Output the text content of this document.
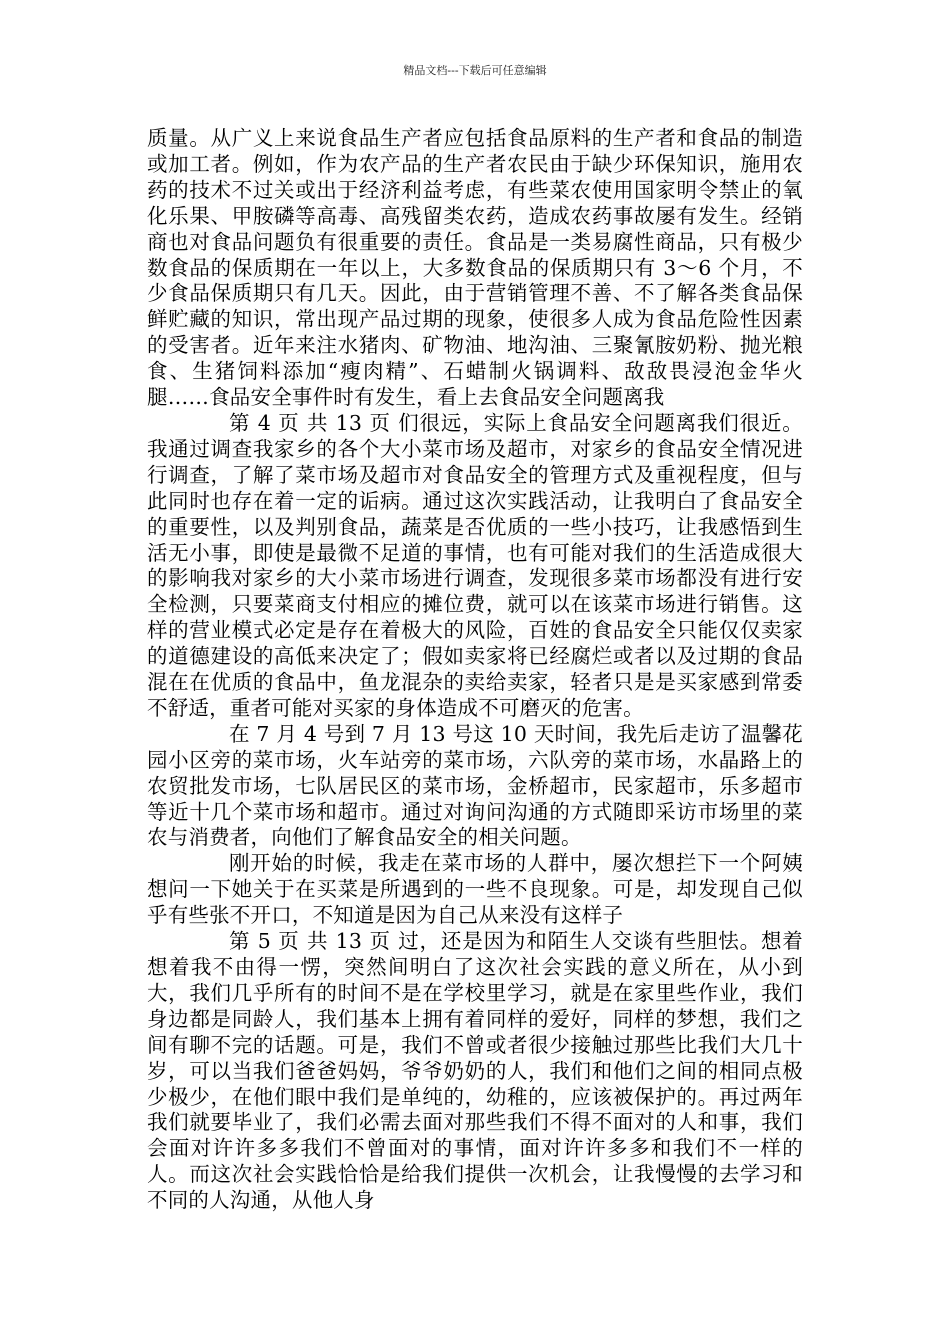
精品文档---下载后可任意编辑

质量。从广义上来说食品生产者应包括食品原料的生产者和食品的制造或加工者。例如，作为农产品的生产者农民由于缺少环保知识，施用农药的技术不过关或出于经济利益考虑，有些菜农使用国家明令禁止的氧化乐果、甲胺磷等高毒、高残留类农药，造成农药事故屡有发生。经销商也对食品问题负有很重要的责任。食品是一类易腐性商品，只有极少数食品的保质期在一年以上，大多数食品的保质期只有 3～6 个月，不少食品保质期只有几天。因此，由于营销管理不善、不了解各类食品保鲜贮藏的知识，常出现产品过期的现象，使很多人成为食品危险性因素的受害者。近年来注水猪肉、矿物油、地沟油、三聚氰胺奶粉、抛光粮食、生猪饲料添加“瘦肉精”、石蜡制火锅调料、敌敌畏浸泡金华火腿……食品安全事件时有发生，看上去食品安全问题离我

第 4 页 共 13 页 们很远，实际上食品安全问题离我们很近。我通过调查我家乡的各个大小菜市场及超市，对家乡的食品安全情况进行调查，了解了菜市场及超市对食品安全的管理方式及重视程度，但与此同时也存在着一定的诟病。通过这次实践活动，让我明白了食品安全的重要性，以及判别食品，蔬菜是否优质的一些小技巧，让我感悟到生活无小事，即使是最微不足道的事情，也有可能对我们的生活造成很大的影响我对家乡的大小菜市场进行调查，发现很多菜市场都没有进行安全检测，只要菜商支付相应的摊位费，就可以在该菜市场进行销售。这样的营业模式必定是存在着极大的风险，百姓的食品安全只能仅仅卖家的道德建设的高低来决定了；假如卖家将已经腐烂或者以及过期的食品混在在优质的食品中，鱼龙混杂的卖给卖家，轻者只是是买家感到常委不舒适，重者可能对买家的身体造成不可磨灭的危害。

在 7 月 4 号到 7 月 13 号这 10 天时间，我先后走访了温馨花园小区旁的菜市场，火车站旁的菜市场，六队旁的菜市场，水晶路上的农贸批发市场，七队居民区的菜市场，金桥超市，民家超市，乐多超市等近十几个菜市场和超市。通过对询问沟通的方式随即采访市场里的菜农与消费者，向他们了解食品安全的相关问题。

刚开始的时候，我走在菜市场的人群中，屡次想拦下一个阿姨想问一下她关于在买菜是所遇到的一些不良现象。可是，却发现自己似乎有些张不开口，不知道是因为自己从来没有这样子

第 5 页 共 13 页 过，还是因为和陌生人交谈有些胆怯。想着想着我不由得一愣，突然间明白了这次社会实践的意义所在，从小到大，我们几乎所有的时间不是在学校里学习，就是在家里些作业，我们身边都是同龄人，我们基本上拥有着同样的爱好，同样的梦想，我们之间有聊不完的话题。可是，我们不曾或者很少接触过那些比我们大几十岁，可以当我们爸爸妈妈，爷爷奶奶的人，我们和他们之间的相同点极少极少，在他们眼中我们是单纯的，幼稚的，应该被保护的。再过两年我们就要毕业了，我们必需去面对那些我们不得不面对的人和事，我们会面对许许多多我们不曾面对的事情，面对许许多多和我们不一样的人。而这次社会实践恰恰是给我们提供一次机会，让我慢慢的去学习和不同的人沟通，从他人身
